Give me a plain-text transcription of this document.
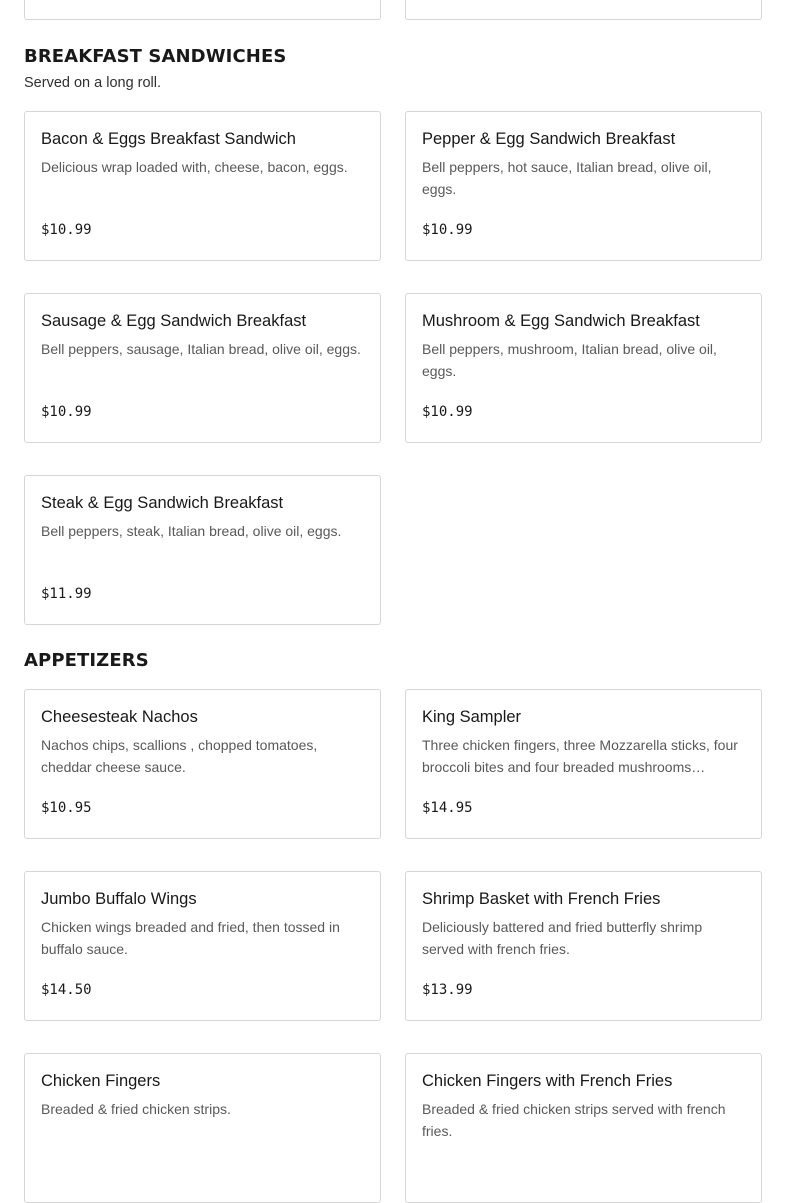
BREAKFAST SANDWICHES

Served on a long roll.

Bacon & Eggs Breakfast Sandwich

Delicious wrap loaded with, cheese, bacon, eggs.

$10.99

Pepper & Egg Sandwich Breakfast

Bell peppers, hot sauce, Italian bread, olive oil, eggs.

$10.99

Sausage & Egg Sandwich Breakfast

Bell peppers, sausage, Italian bread, olive oil, eggs.

$10.99

Mushroom & Egg Sandwich Breakfast

Bell peppers, mushroom, Italian bread, olive oil, eggs.

$10.99

Steak & Egg Sandwich Breakfast

Bell peppers, steak, Italian bread, olive oil, eggs.

$11.99

APPETIZERS
Cheesesteak Nachos

Nachos chips, scallions , chopped tomatoes, cheddar cheese sauce.

$10.95

King Sampler

Three chicken fingers, three Mozzarella sticks, four broccoli bites and four breaded mushrooms…

$14.95

Jumbo Buffalo Wings

Chicken wings breaded and fried, then tossed in buffalo sauce.

$14.50

Shrimp Basket with French Fries

Deliciously battered and fried butterfly shrimp served with french fries.

$13.99

Chicken Fingers

Breaded & fried chicken strips.

Chicken Fingers with French Fries

Breaded & fried chicken strips served with french fries.
